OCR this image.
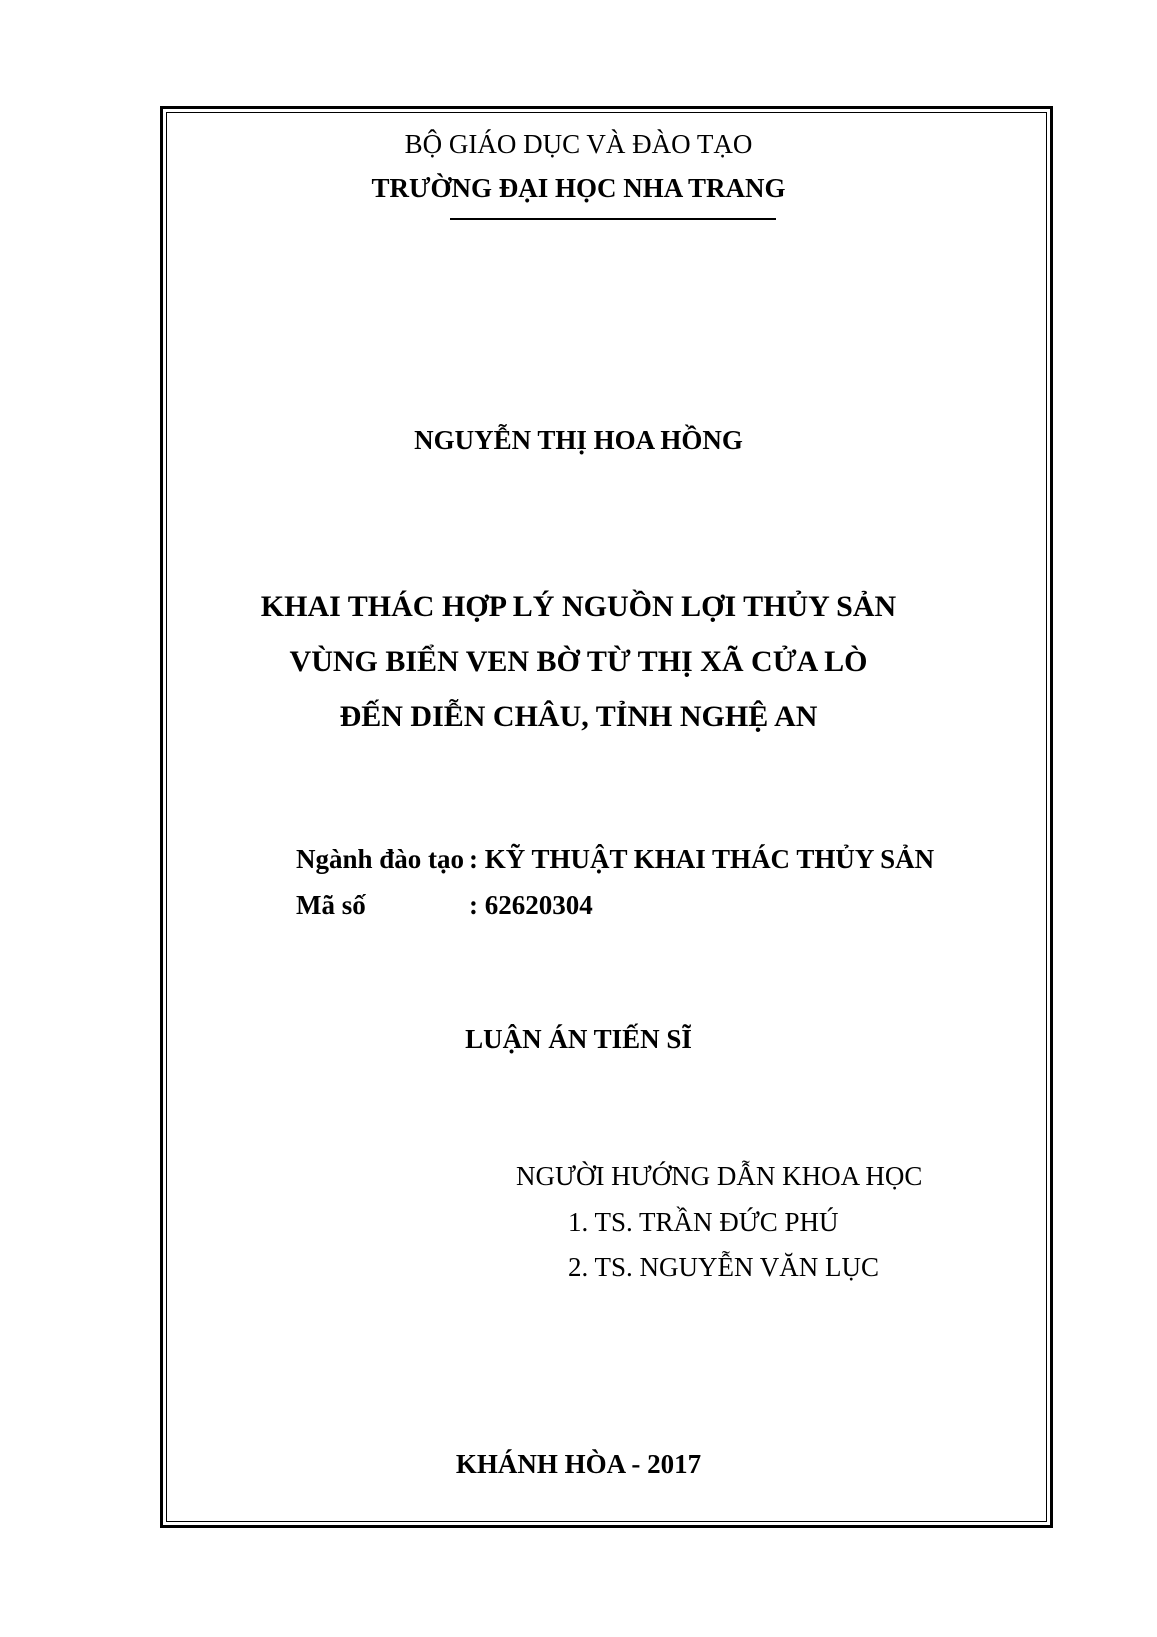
BỘ GIÁO DỤC VÀ ĐÀO TẠO
TRƯỜNG ĐẠI HỌC NHA TRANG
NGUYỄN THỊ HOA HỒNG
KHAI THÁC HỢP LÝ NGUỒN LỢI THỦY SẢN
VÙNG BIỂN VEN BỜ TỪ THỊ XÃ CỬA LÒ
ĐẾN DIỄN CHÂU, TỈNH NGHỆ AN
Ngành đào tạo : KỸ THUẬT KHAI THÁC THỦY SẢN
Mã số	: 62620304
LUẬN ÁN TIẾN SĨ
NGƯỜI HƯỚNG DẪN KHOA HỌC
1. TS. TRẦN ĐỨC PHÚ
2. TS. NGUYỄN VĂN LỤC
KHÁNH HÒA - 2017
